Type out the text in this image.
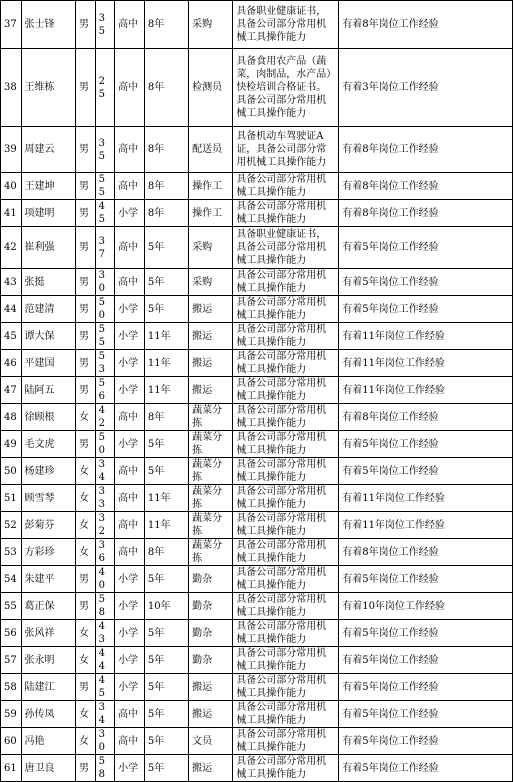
37	张士锋	男	35	高中	8年	采购	具备职业健康证书，具备公司部分常用机械工具操作能力	有着8年岗位工作经验
38	王维栋	男	25	高中	8年	检测员	具备食用农产品（蔬菜，肉制品，水产品）快检培训合格证书。具备公司部分常用机械工具操作能力	有着3年岗位工作经验
39	周建云	男	35	高中	8年	配送员	具备机动车驾驶证A证，具备公司部分常用机械工具操作能力	有着8年岗位工作经验
40	王建坤	男	55	高中	8年	操作工	具备公司部分常用机械工具操作能力	有着8年岗位工作经验
41	项建明	男	45	小学	8年	操作工	具备公司部分常用机械工具操作能力	有着8年岗位工作经验
42	崔利强	男	37	高中	5年	采购	具备职业健康证书，具备公司部分常用机械工具操作能力	有着5年岗位工作经验
43	张挺	男	30	高中	5年	采购	具备公司部分常用机械工具操作能力	有着5年岗位工作经验
44	范建清	男	50	小学	5年	搬运	具备公司部分常用机械工具操作能力	有着5年岗位工作经验
45	谭大保	男	55	小学	11年	搬运	具备公司部分常用机械工具操作能力	有着11年岗位工作经验
46	平建国	男	53	小学	11年	搬运	具备公司部分常用机械工具操作能力	有着11年岗位工作经验
47	陆阿五	男	56	小学	11年	搬运	具备公司部分常用机械工具操作能力	有着11年岗位工作经验
48	徐顾根	女	42	高中	8年	蔬菜分拣	具备公司部分常用机械工具操作能力	有着8年岗位工作经验
49	毛文虎	男	50	小学	5年	蔬菜分拣	具备公司部分常用机械工具操作能力	有着5年岗位工作经验
50	杨建珍	女	34	高中	5年	蔬菜分拣	具备公司部分常用机械工具操作能力	有着5年岗位工作经验
51	顾雪琴	女	33	高中	11年	蔬菜分拣	具备公司部分常用机械工具操作能力	有着11年岗位工作经验
52	彭菊芬	女	32	高中	11年	蔬菜分拣	具备公司部分常用机械工具操作能力	有着11年岗位工作经验
53	方彩珍	女	36	高中	8年	蔬菜分拣	具备公司部分常用机械工具操作能力	有着8年岗位工作经验
54	朱建平	男	40	小学	5年	勤杂	具备公司部分常用机械工具操作能力	有着5年岗位工作经验
55	葛正保	男	58	小学	10年	勤杂	具备公司部分常用机械工具操作能力	有着10年岗位工作经验
56	张风祥	女	43	小学	5年	勤杂	具备公司部分常用机械工具操作能力	有着5年岗位工作经验
57	张永明	女	44	小学	5年	勤杂	具备公司部分常用机械工具操作能力	有着5年岗位工作经验
58	陆建江	男	45	小学	5年	搬运	具备公司部分常用机械工具操作能力	有着5年岗位工作经验
59	孙传凤	女	34	高中	5年	搬运	具备公司部分常用机械工具操作能力	有着5年岗位工作经验
60	冯艳	女	30	高中	5年	文员	具备公司部分常用机械工具操作能力	有着5年岗位工作经验
61	唐卫良	男	58	小学	5年	搬运	具备公司部分常用机械工具操作能力	有着5年岗位工作经验
